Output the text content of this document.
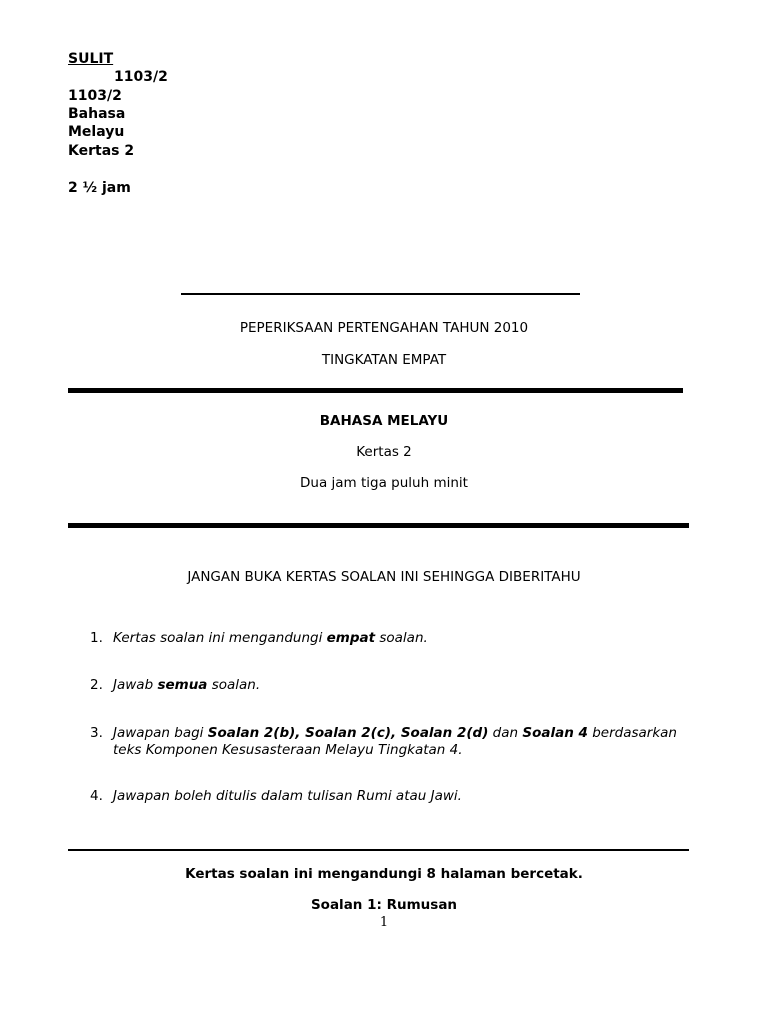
SULIT
1103/2
1103/2
Bahasa
Melayu
Kertas 2
2 ½ jam
PEPERIKSAAN PERTENGAHAN TAHUN 2010
TINGKATAN EMPAT
BAHASA MELAYU
Kertas 2
Dua jam tiga puluh minit
JANGAN BUKA KERTAS SOALAN INI SEHINGGA DIBERITAHU
1. Kertas soalan ini mengandungi empat soalan.
2. Jawab semua soalan.
3. Jawapan bagi Soalan 2(b), Soalan 2(c), Soalan 2(d) dan Soalan 4 berdasarkan teks Komponen Kesusasteraan Melayu Tingkatan 4.
4. Jawapan boleh ditulis dalam tulisan Rumi atau Jawi.
Kertas soalan ini mengandungi 8 halaman bercetak.
Soalan 1: Rumusan
1
